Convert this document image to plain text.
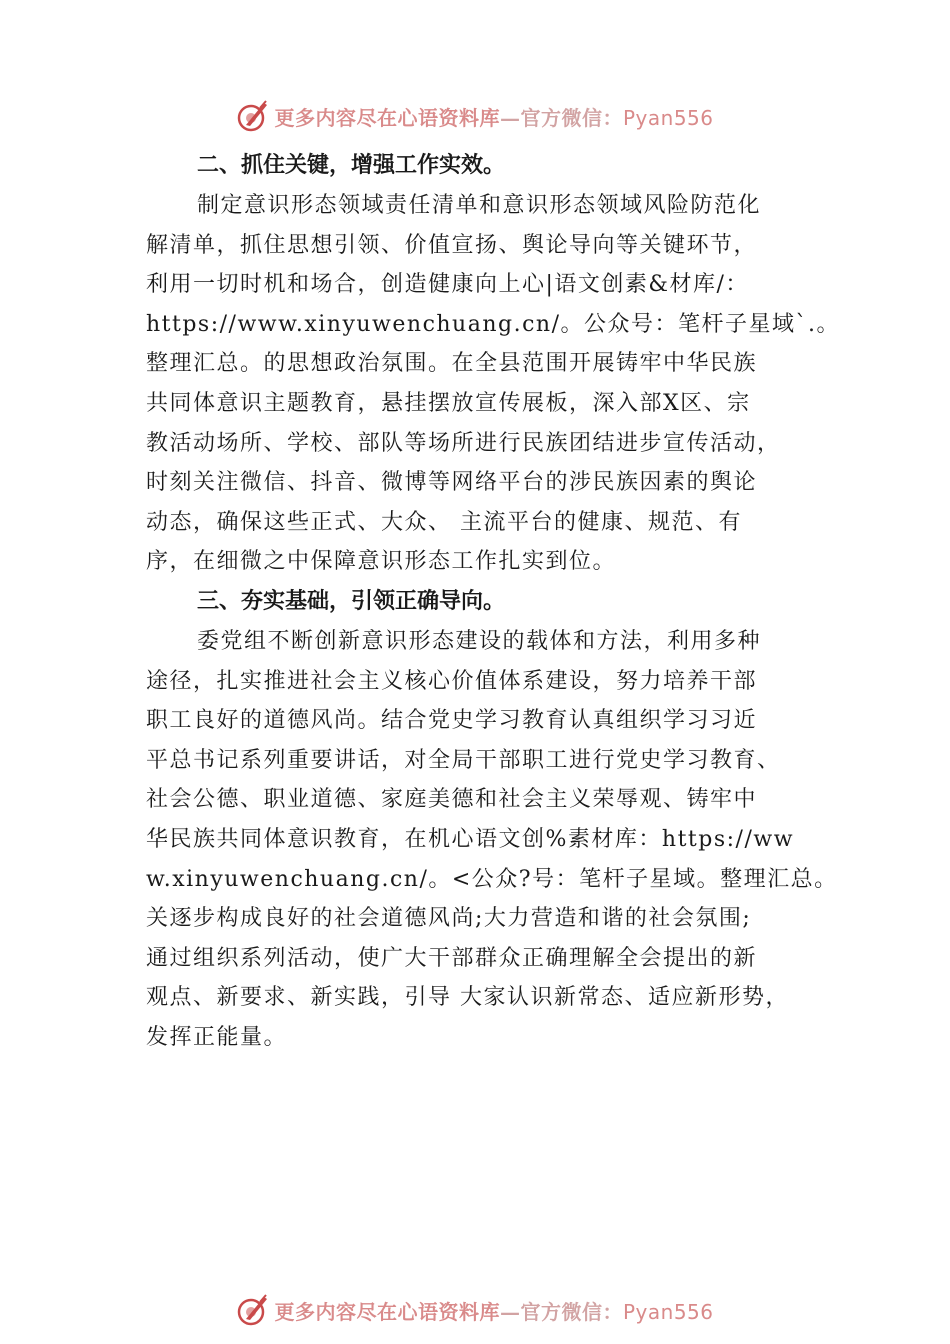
更多内容尽在心语资料库—官方微信：Pyan556
二、抓住关键，增强工作实效。
制定意识形态领域责任清单和意识形态领域风险防范化
解清单，抓住思想引领、价值宣扬、舆论导向等关键环节，
利用一切时机和场合，创造健康向上心|语文创素&材库/：
https://www.xinyuwenchuang.cn/。公众号：笔杆子星域`.。
整理汇总。的思想政治氛围。在全县范围开展铸牢中华民族
共同体意识主题教育，悬挂摆放宣传展板，深入部X区、宗
教活动场所、学校、部队等场所进行民族团结进步宣传活动，
时刻关注微信、抖音、微博等网络平台的涉民族因素的舆论
动态，确保这些正式、大众、 主流平台的健康、规范、有
序，在细微之中保障意识形态工作扎实到位。
三、夯实基础，引领正确导向。
委党组不断创新意识形态建设的载体和方法，利用多种
途径，扎实推进社会主义核心价值体系建设，努力培养干部
职工良好的道德风尚。结合党史学习教育认真组织学习习近
平总书记系列重要讲话，对全局干部职工进行党史学习教育、
社会公德、职业道德、家庭美德和社会主义荣辱观、铸牢中
华民族共同体意识教育，在机心语文创%素材库：https://ww
w.xinyuwenchuang.cn/。<公众?号：笔杆子星域。整理汇总。
关逐步构成良好的社会道德风尚;大力营造和谐的社会氛围;
通过组织系列活动，使广大干部群众正确理解全会提出的新
观点、新要求、新实践，引导 大家认识新常态、适应新形势，
发挥正能量。
更多内容尽在心语资料库—官方微信：Pyan556
